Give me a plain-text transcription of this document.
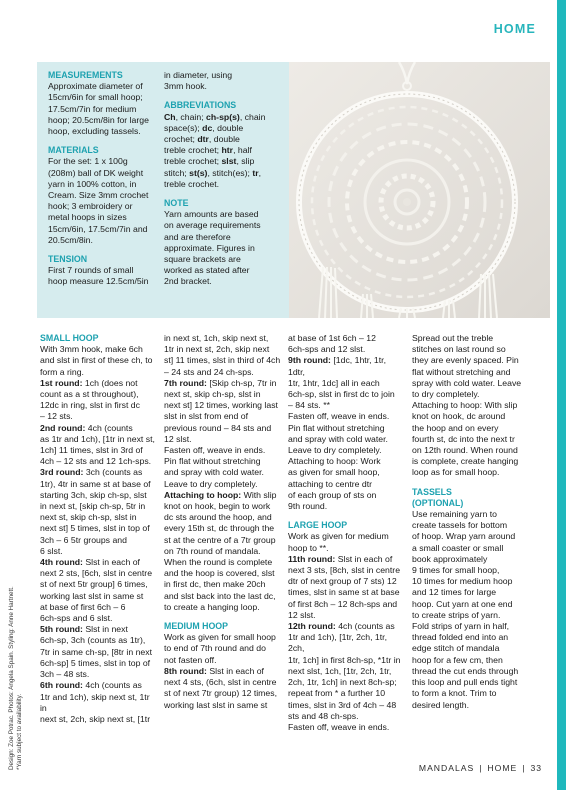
HOME
MEASUREMENTS
Approximate diameter of
15cm/6in for small hoop;
17.5cm/7in for medium
hoop; 20.5cm/8in for large
hoop, excluding tassels.
MATERIALS
For the set: 1 x 100g
(208m) ball of DK weight
yarn in 100% cotton, in
Cream. Size 3mm crochet
hook; 3 embroidery or
metal hoops in sizes
15cm/6in, 17.5cm/7in and
20.5cm/8in.
TENSION
First 7 rounds of small
hoop measure 12.5cm/5in
in diameter, using
3mm hook.
ABBREVIATIONS
Ch, chain; ch-sp(s), chain
space(s); dc, double
crochet; dtr, double
treble crochet; htr, half
treble crochet; slst, slip
stitch; st(s), stitch(es); tr,
treble crochet.
NOTE
Yarn amounts are based
on average requirements
and are therefore
approximate. Figures in
square brackets are
worked as stated after
2nd bracket.
Design: Zoe Potrac. Photos: Angela Spain. Styling: Anne Hartnett. *Yarn subject to availability.
SMALL HOOP
With 3mm hook, make 6ch
and slst in first of these ch, to
form a ring.
1st round: 1ch (does not
count as a st throughout),
12dc in ring, slst in first dc
– 12 sts.
2nd round: 4ch (counts
as 1tr and 1ch), [1tr in next st,
1ch] 11 times, slst in 3rd of
4ch – 12 sts and 12 1ch-sps.
3rd round: 3ch (counts as
1tr), 4tr in same st at base of
starting 3ch, skip ch-sp, slst
in next st, [skip ch-sp, 5tr in
next st, skip ch-sp, slst in
next st] 5 times, slst in top of
3ch – 6 5tr groups and
6 slst.
4th round: Slst in each of
next 2 sts, [6ch, slst in centre
st of next 5tr group] 6 times,
working last slst in same st
at base of first 6ch – 6
6ch-sps and 6 slst.
5th round: Slst in next
6ch-sp, 3ch (counts as 1tr),
7tr in same ch-sp, [8tr in next
6ch-sp] 5 times, slst in top of
3ch – 48 sts.
6th round: 4ch (counts as
1tr and 1ch), skip next st, 1tr in
next st, 2ch, skip next st, [1tr
in next st, 1ch, skip next st,
1tr in next st, 2ch, skip next
st] 11 times, slst in third of 4ch
– 24 sts and 24 ch-sps.
7th round: [Skip ch-sp, 7tr in
next st, skip ch-sp, slst in
next st] 12 times, working last
slst in slst from end of
previous round – 84 sts and
12 slst.
Fasten off, weave in ends.
Pin flat without stretching
and spray with cold water.
Leave to dry completely.
Attaching to hoop: With slip
knot on hook, begin to work
dc sts around the hoop, and
every 15th st, dc through the
st at the centre of a 7tr group
on 7th round of mandala.
When the round is complete
and the hoop is covered, slst
in first dc, then make 20ch
and slst back into the last dc,
to create a hanging loop.
MEDIUM HOOP
Work as given for small hoop
to end of 7th round and do
not fasten off.
8th round: Slst in each of
next 4 sts, (6ch, slst in centre
st of next 7tr group) 12 times,
working last slst in same st
at base of 1st 6ch – 12
6ch-sps and 12 slst.
9th round: [1dc, 1htr, 1tr, 1dtr,
1tr, 1htr, 1dc] all in each
6ch-sp, slst in first dc to join
– 84 sts. **
Fasten off, weave in ends.
Pin flat without stretching
and spray with cold water.
Leave to dry completely.
Attaching to hoop: Work
as given for small hoop,
attaching to centre dtr
of each group of sts on
9th round.
LARGE HOOP
Work as given for medium
hoop to **.
11th round: Slst in each of
next 3 sts, [8ch, slst in centre
dtr of next group of 7 sts) 12
times, slst in same st at base
of first 8ch – 12 8ch-sps and
12 slst.
12th round: 4ch (counts as
1tr and 1ch), [1tr, 2ch, 1tr, 2ch,
1tr, 1ch] in first 8ch-sp, *1tr in
next slst, 1ch, [1tr, 2ch, 1tr,
2ch, 1tr, 1ch] in next 8ch-sp;
repeat from * a further 10
times, slst in 3rd of 4ch – 48
sts and 48 ch-sps.
Fasten off, weave in ends.
Spread out the treble
stitches on last round so
they are evenly spaced. Pin
flat without stretching and
spray with cold water. Leave
to dry completely.
Attaching to hoop: With slip
knot on hook, dc around
the hoop and on every
fourth st, dc into the next tr
on 12th round. When round
is complete, create hanging
loop as for small hoop.
TASSELS
(OPTIONAL)
Use remaining yarn to
create tassels for bottom
of hoop. Wrap yarn around
a small coaster or small
book approximately
9 times for small hoop,
10 times for medium hoop
and 12 times for large
hoop. Cut yarn at one end
to create strips of yarn.
Fold strips of yarn in half,
thread folded end into an
edge stitch of mandala
hoop for a few cm, then
thread the cut ends through
this loop and pull ends tight
to form a knot. Trim to
desired length.
MANDALAS | HOME | 33
